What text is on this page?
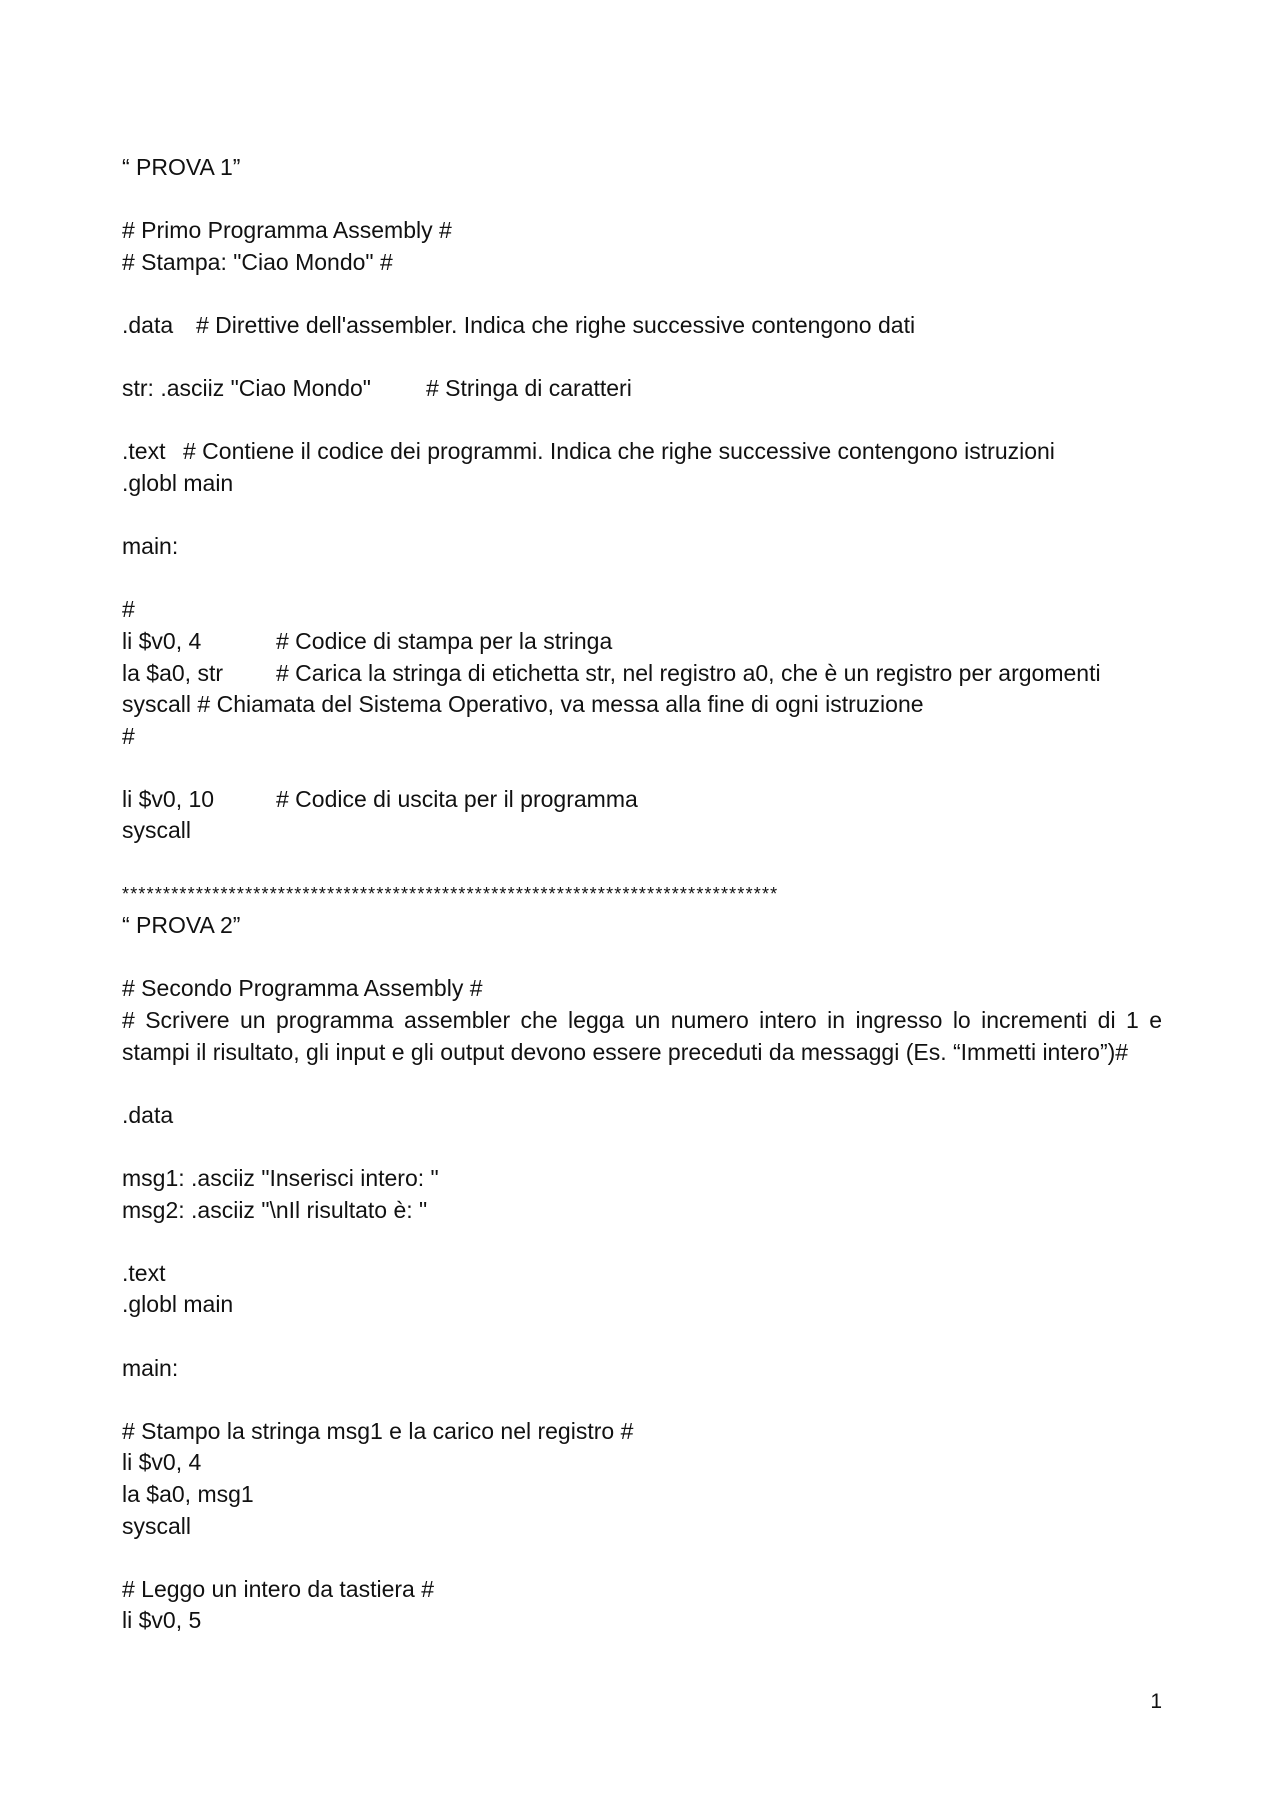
“ PROVA 1”
# Primo Programma Assembly #
# Stampa: "Ciao Mondo" #
.data # Direttive dell'assembler. Indica che righe successive contengono dati
str: .asciiz "Ciao Mondo" # Stringa di caratteri
.text # Contiene il codice dei programmi. Indica che righe successive contengono istruzioni
.globl main
main:
#
li $v0, 4	# Codice di stampa per la stringa
la $a0, str # Carica la stringa di etichetta str, nel registro a0, che è un registro per argomenti
syscall # Chiamata del Sistema Operativo, va messa alla fine di ogni istruzione
#
li $v0, 10	# Codice di uscita per il programma
syscall
********************************************************************************
“ PROVA 2”
# Secondo Programma Assembly #
# Scrivere un programma assembler che legga un numero intero in ingresso lo incrementi di 1 e stampi il risultato, gli input e gli output devono essere preceduti da messaggi (Es. “Immetti intero”)#
.data
msg1: .asciiz "Inserisci intero: "
msg2: .asciiz "\nIl risultato è: "
.text
.globl main
main:
# Stampo la stringa msg1 e la carico nel registro #
li $v0, 4
la $a0, msg1
syscall
# Leggo un intero da tastiera #
li $v0, 5
1
